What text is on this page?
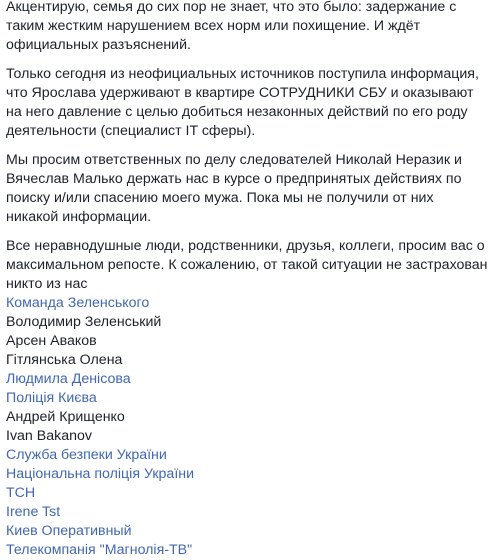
Акцентирую, семья до сих пор не знает, что это было: задержание с
таким жестким нарушением всех норм или похищение. И ждёт
официальных разъяснений.

Только сегодня из неофициальных источников поступила информация,
что Ярослава удерживают в квартире СОТРУДНИКИ СБУ и оказывают
на него давление с целью добиться незаконных действий по его роду
деятельности (специалист IT сферы).

Мы просим ответственных по делу следователей Николай Неразик и
Вячеслав Малько держать нас в курсе о предпринятых действиях по
поиску и/или спасению моего мужа. Пока мы не получили от них
никакой информации.

Все неравнодушные люди, родственники, друзья, коллеги, просим вас о
максимальном репосте. К сожалению, от такой ситуации не застрахован
никто из нас

Команда Зеленського
Володимир Зеленський
Арсен Аваков
Гітлянська Олена
Людмила Денісова
Поліція Києва
Андрей Крищенко
Ivan Bakanov
Служба безпеки України
Національна поліція України
ТСН
Irene Tst
Киев Оперативный
Телекомпанія "Магнолія-ТВ"
